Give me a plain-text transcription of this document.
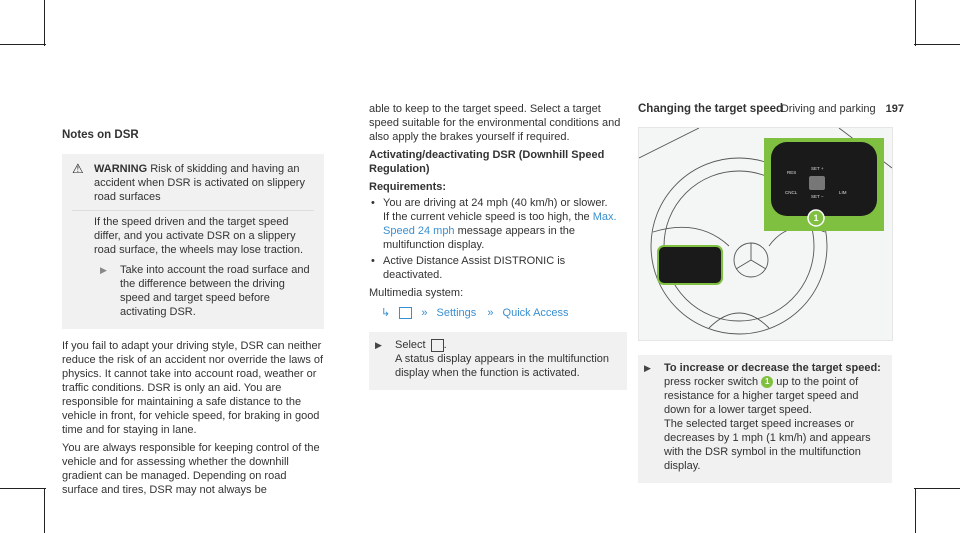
Driving and parking 197
Notes on DSR
⚠ WARNING Risk of skidding and having an accident when DSR is activated on slippery road surfaces

If the speed driven and the target speed differ, and you activate DSR on a slippery road surface, the wheels may lose traction.

▶ Take into account the road surface and the difference between the driving speed and target speed before activating DSR.

If you fail to adapt your driving style, DSR can neither reduce the risk of an accident nor override the laws of physics. It cannot take into account road, weather or traffic conditions. DSR is only an aid. You are responsible for maintaining a safe distance to the vehicle in front, for vehicle speed, for braking in good time and for staying in lane.

You are always responsible for keeping control of the vehicle and for assessing whether the downhill gradient can be managed. Depending on road surface and tires, DSR may not always be

able to keep to the target speed. Select a target speed suitable for the environmental conditions and also apply the brakes yourself if required.

Activating/deactivating DSR (Downhill Speed Regulation)

Requirements:

• You are driving at 24 mph (40 km/h) or slower.
If the current vehicle speed is too high, the Max. Speed 24 mph message appears in the multifunction display.
• Active Distance Assist DISTRONIC is deactivated.

Multimedia system:

↳	» Settings » Quick Access
▶ Select .
A status display appears in the multifunction display when the function is activated.
Changing the target speed
1
RES
SET +
CNCL
SET −
LIM
▶ To increase or decrease the target speed:
press rocker switch 1 up to the point of resistance for a higher target speed and down for a lower target speed.
The selected target speed increases or decreases by 1 mph (1 km/h) and appears with the DSR symbol in the multifunction display.
